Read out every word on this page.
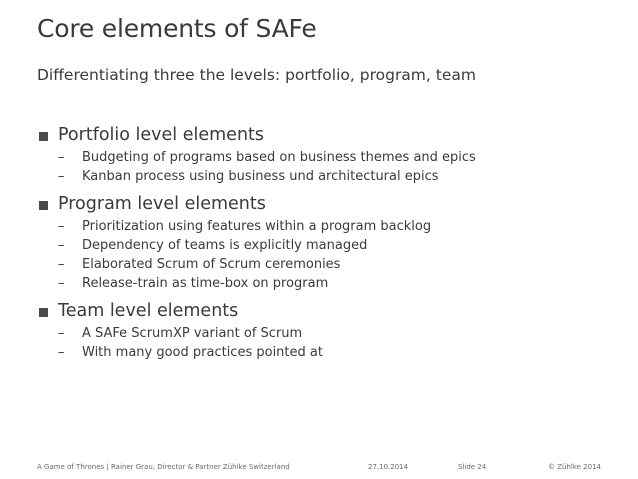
Core elements of SAFe

Differentiating three the levels: portfolio, program, team

Portfolio level elements
–	Budgeting of programs based on business themes and epics
–	Kanban process using business und architectural epics
Program level elements
–	Prioritization using features within a program backlog
–	Dependency of teams is explicitly managed
–	Elaborated Scrum of Scrum ceremonies
–	Release-train as time-box on program
Team level elements
–	A SAFe ScrumXP variant of Scrum
–	With many good practices pointed at
A Game of Thrones | Rainer Grau, Director & Partner Zühlke Switzerland	27.10.2014	Slide 24	© Zühlke 2014
